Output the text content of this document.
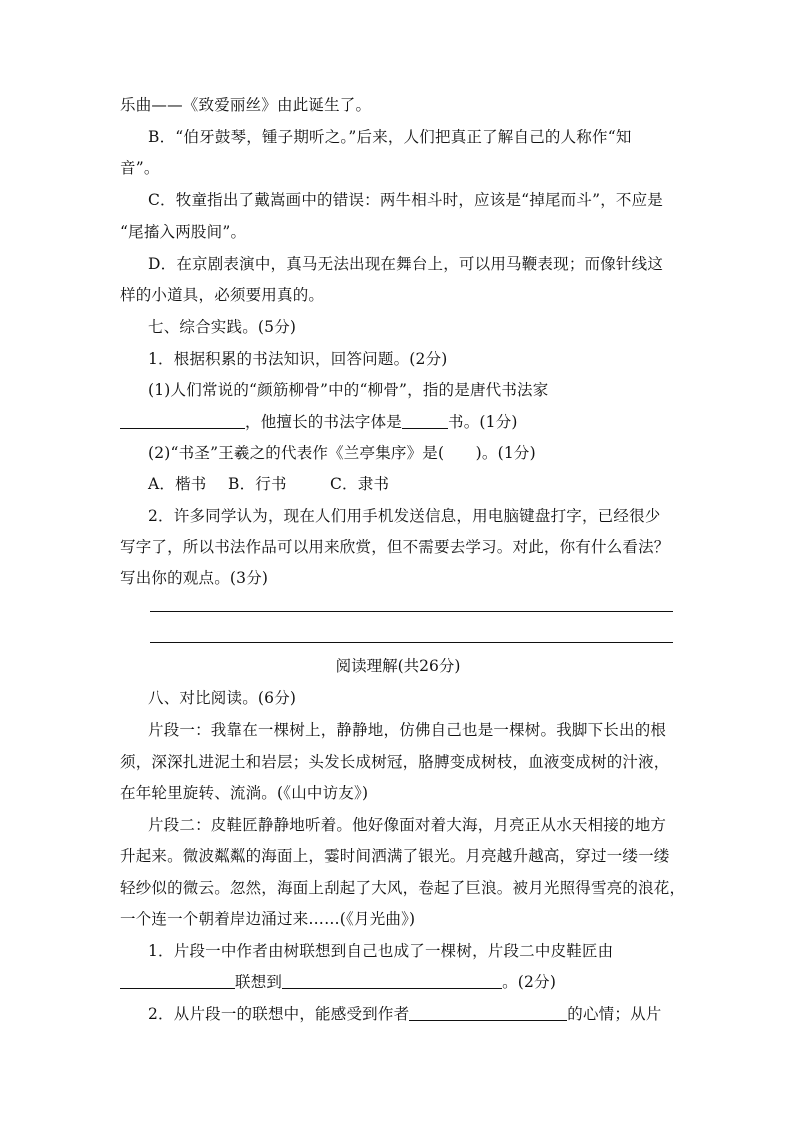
乐曲——《致爱丽丝》由此诞生了。
B．“伯牙鼓琴，锺子期听之。”后来，人们把真正了解自己的人称作“知
音”。
C．牧童指出了戴嵩画中的错误：两牛相斗时，应该是“掉尾而斗”，不应是
“尾搐入两股间”。
D．在京剧表演中，真马无法出现在舞台上，可以用马鞭表现；而像针线这
样的小道具，必须要用真的。
七、综合实践。(5分)
1．根据积累的书法知识，回答问题。(2分)
(1)人们常说的“颜筋柳骨”中的“柳骨”，指的是唐代书法家
，他擅长的书法字体是	书。(1分)
(2)“书圣”王羲之的代表作《兰亭集序》是(　　)。(1分)
A．楷书 B．行书	C．隶书
2．许多同学认为，现在人们用手机发送信息，用电脑键盘打字，已经很少
写字了，所以书法作品可以用来欣赏，但不需要去学习。对此，你有什么看法？
写出你的观点。(3分)
阅读理解(共26分)
八、对比阅读。(6分)
片段一：我靠在一棵树上，静静地，仿佛自己也是一棵树。我脚下长出的根
须，深深扎进泥土和岩层；头发长成树冠，胳膊变成树枝，血液变成树的汁液，
在年轮里旋转、流淌。(《山中访友》)
片段二：皮鞋匠静静地听着。他好像面对着大海，月亮正从水天相接的地方
升起来。微波粼粼的海面上，霎时间洒满了银光。月亮越升越高，穿过一缕一缕
轻纱似的微云。忽然，海面上刮起了大风，卷起了巨浪。被月光照得雪亮的浪花，
一个连一个朝着岸边涌过来……(《月光曲》)
1．片段一中作者由树联想到自己也成了一棵树，片段二中皮鞋匠由
联想到	。(2分)
2．从片段一的联想中，能感受到作者	的心情；从片
